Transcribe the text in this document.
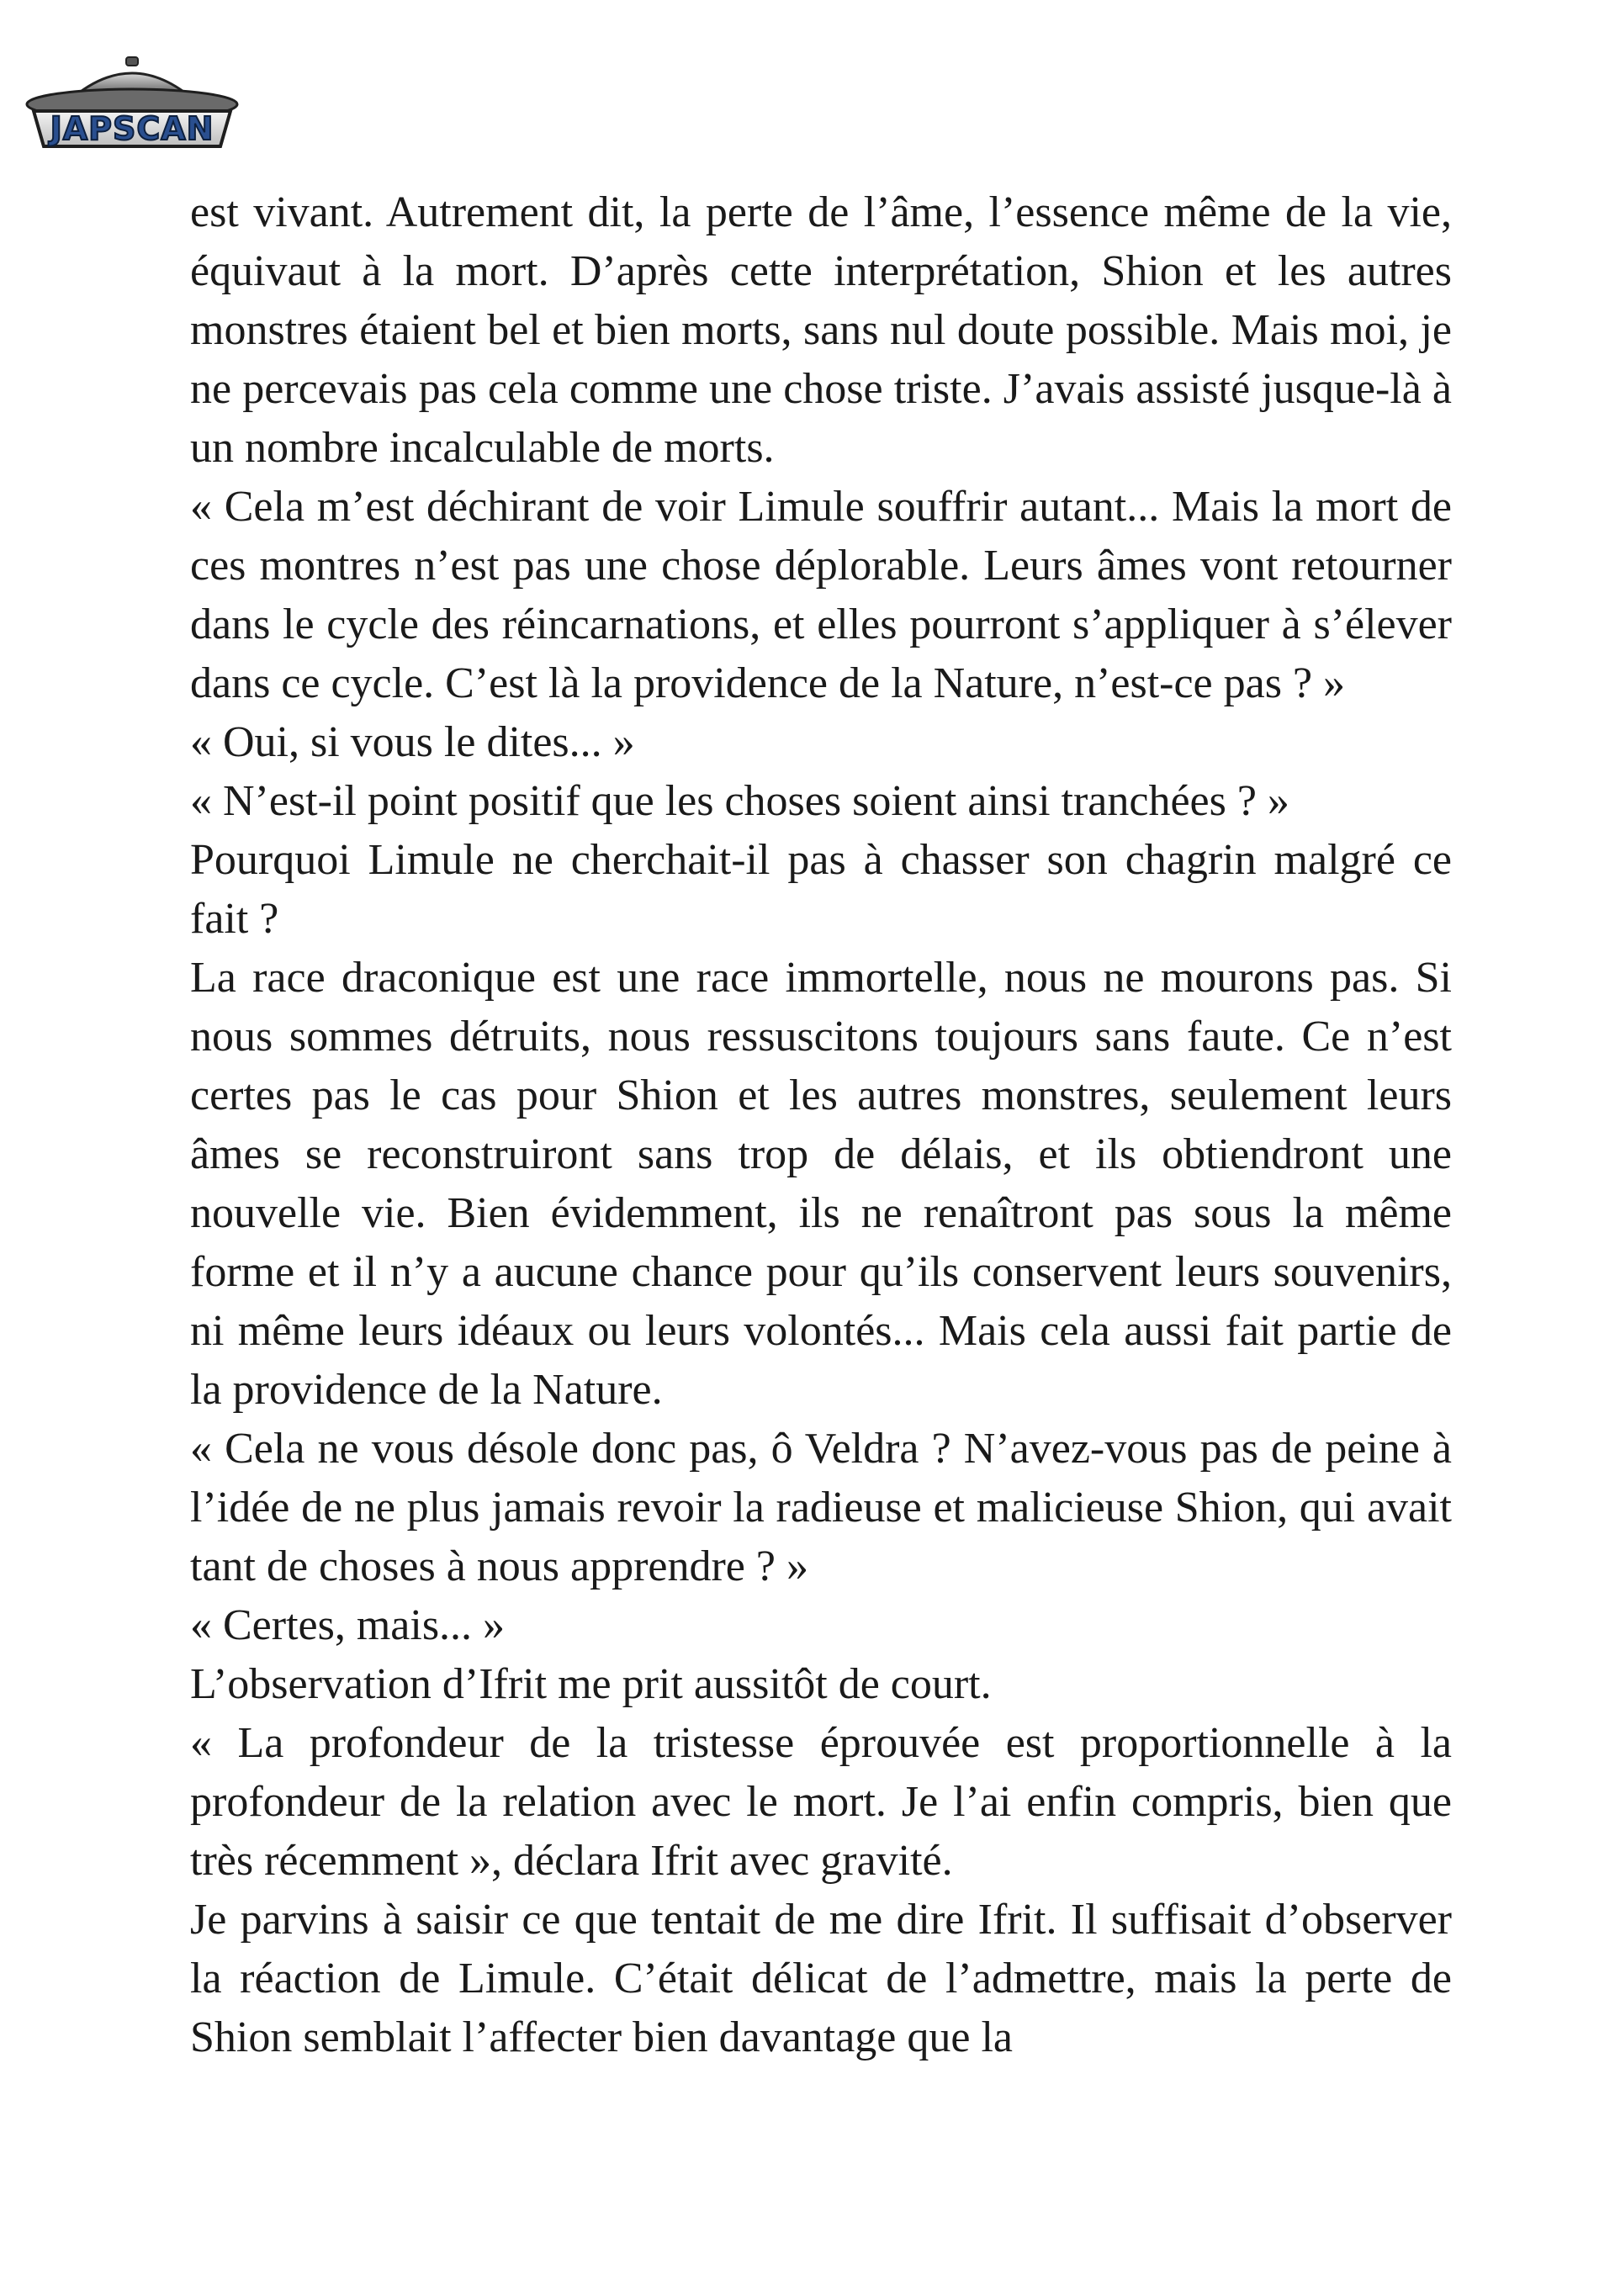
JAPSCAN

est vivant. Autrement dit, la perte de l’âme, l’essence même de la vie, équivaut à la mort. D’après cette interprétation, Shion et les autres monstres étaient bel et bien morts, sans nul doute possible. Mais moi, je ne percevais pas cela comme une chose triste. J’avais assisté jusque-là à un nombre incalculable de morts.

« Cela m’est déchirant de voir Limule souffrir autant... Mais la mort de ces montres n’est pas une chose déplorable. Leurs âmes vont retourner dans le cycle des réincarnations, et elles pourront s’appliquer à s’élever dans ce cycle. C’est là la providence de la Nature, n’est-ce pas ? »

« Oui, si vous le dites... »

« N’est-il point positif que les choses soient ainsi tranchées ? »

Pourquoi Limule ne cherchait-il pas à chasser son chagrin malgré ce fait ?

La race draconique est une race immortelle, nous ne mourons pas. Si nous sommes détruits, nous ressuscitons toujours sans faute. Ce n’est certes pas le cas pour Shion et les autres monstres, seulement leurs âmes se reconstruiront sans trop de délais, et ils obtiendront une nouvelle vie. Bien évidemment, ils ne renaîtront pas sous la même forme et il n’y a aucune chance pour qu’ils conservent leurs souvenirs, ni même leurs idéaux ou leurs volontés... Mais cela aussi fait partie de la providence de la Nature.

« Cela ne vous désole donc pas, ô Veldra ? N’avez-vous pas de peine à l’idée de ne plus jamais revoir la radieuse et malicieuse Shion, qui avait tant de choses à nous apprendre ? »

« Certes, mais... »

L’observation d’Ifrit me prit aussitôt de court.

« La profondeur de la tristesse éprouvée est proportionnelle à la profondeur de la relation avec le mort. Je l’ai enfin compris, bien que très récemment », déclara Ifrit avec gravité.

Je parvins à saisir ce que tentait de me dire Ifrit. Il suffisait d’observer la réaction de Limule. C’était délicat de l’admettre, mais la perte de Shion semblait l’affecter bien davantage que la
